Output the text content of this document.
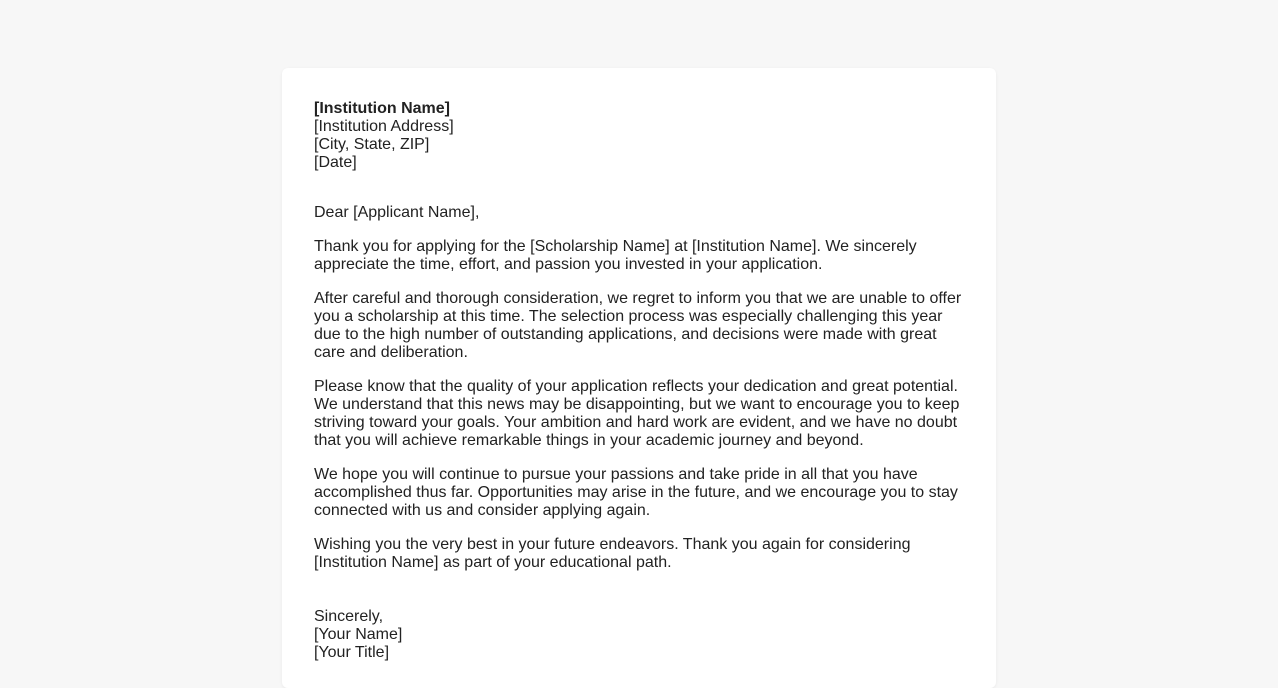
[Institution Name]
[Institution Address]
[City, State, ZIP]
[Date]
Dear [Applicant Name],

Thank you for applying for the [Scholarship Name] at [Institution Name]. We sincerely appreciate the time, effort, and passion you invested in your application.

After careful and thorough consideration, we regret to inform you that we are unable to offer you a scholarship at this time. The selection process was especially challenging this year due to the high number of outstanding applications, and decisions were made with great care and deliberation.

Please know that the quality of your application reflects your dedication and great potential. We understand that this news may be disappointing, but we want to encourage you to keep striving toward your goals. Your ambition and hard work are evident, and we have no doubt that you will achieve remarkable things in your academic journey and beyond.

We hope you will continue to pursue your passions and take pride in all that you have accomplished thus far. Opportunities may arise in the future, and we encourage you to stay connected with us and consider applying again.

Wishing you the very best in your future endeavors. Thank you again for considering [Institution Name] as part of your educational path.

Sincerely,
[Your Name]
[Your Title]
